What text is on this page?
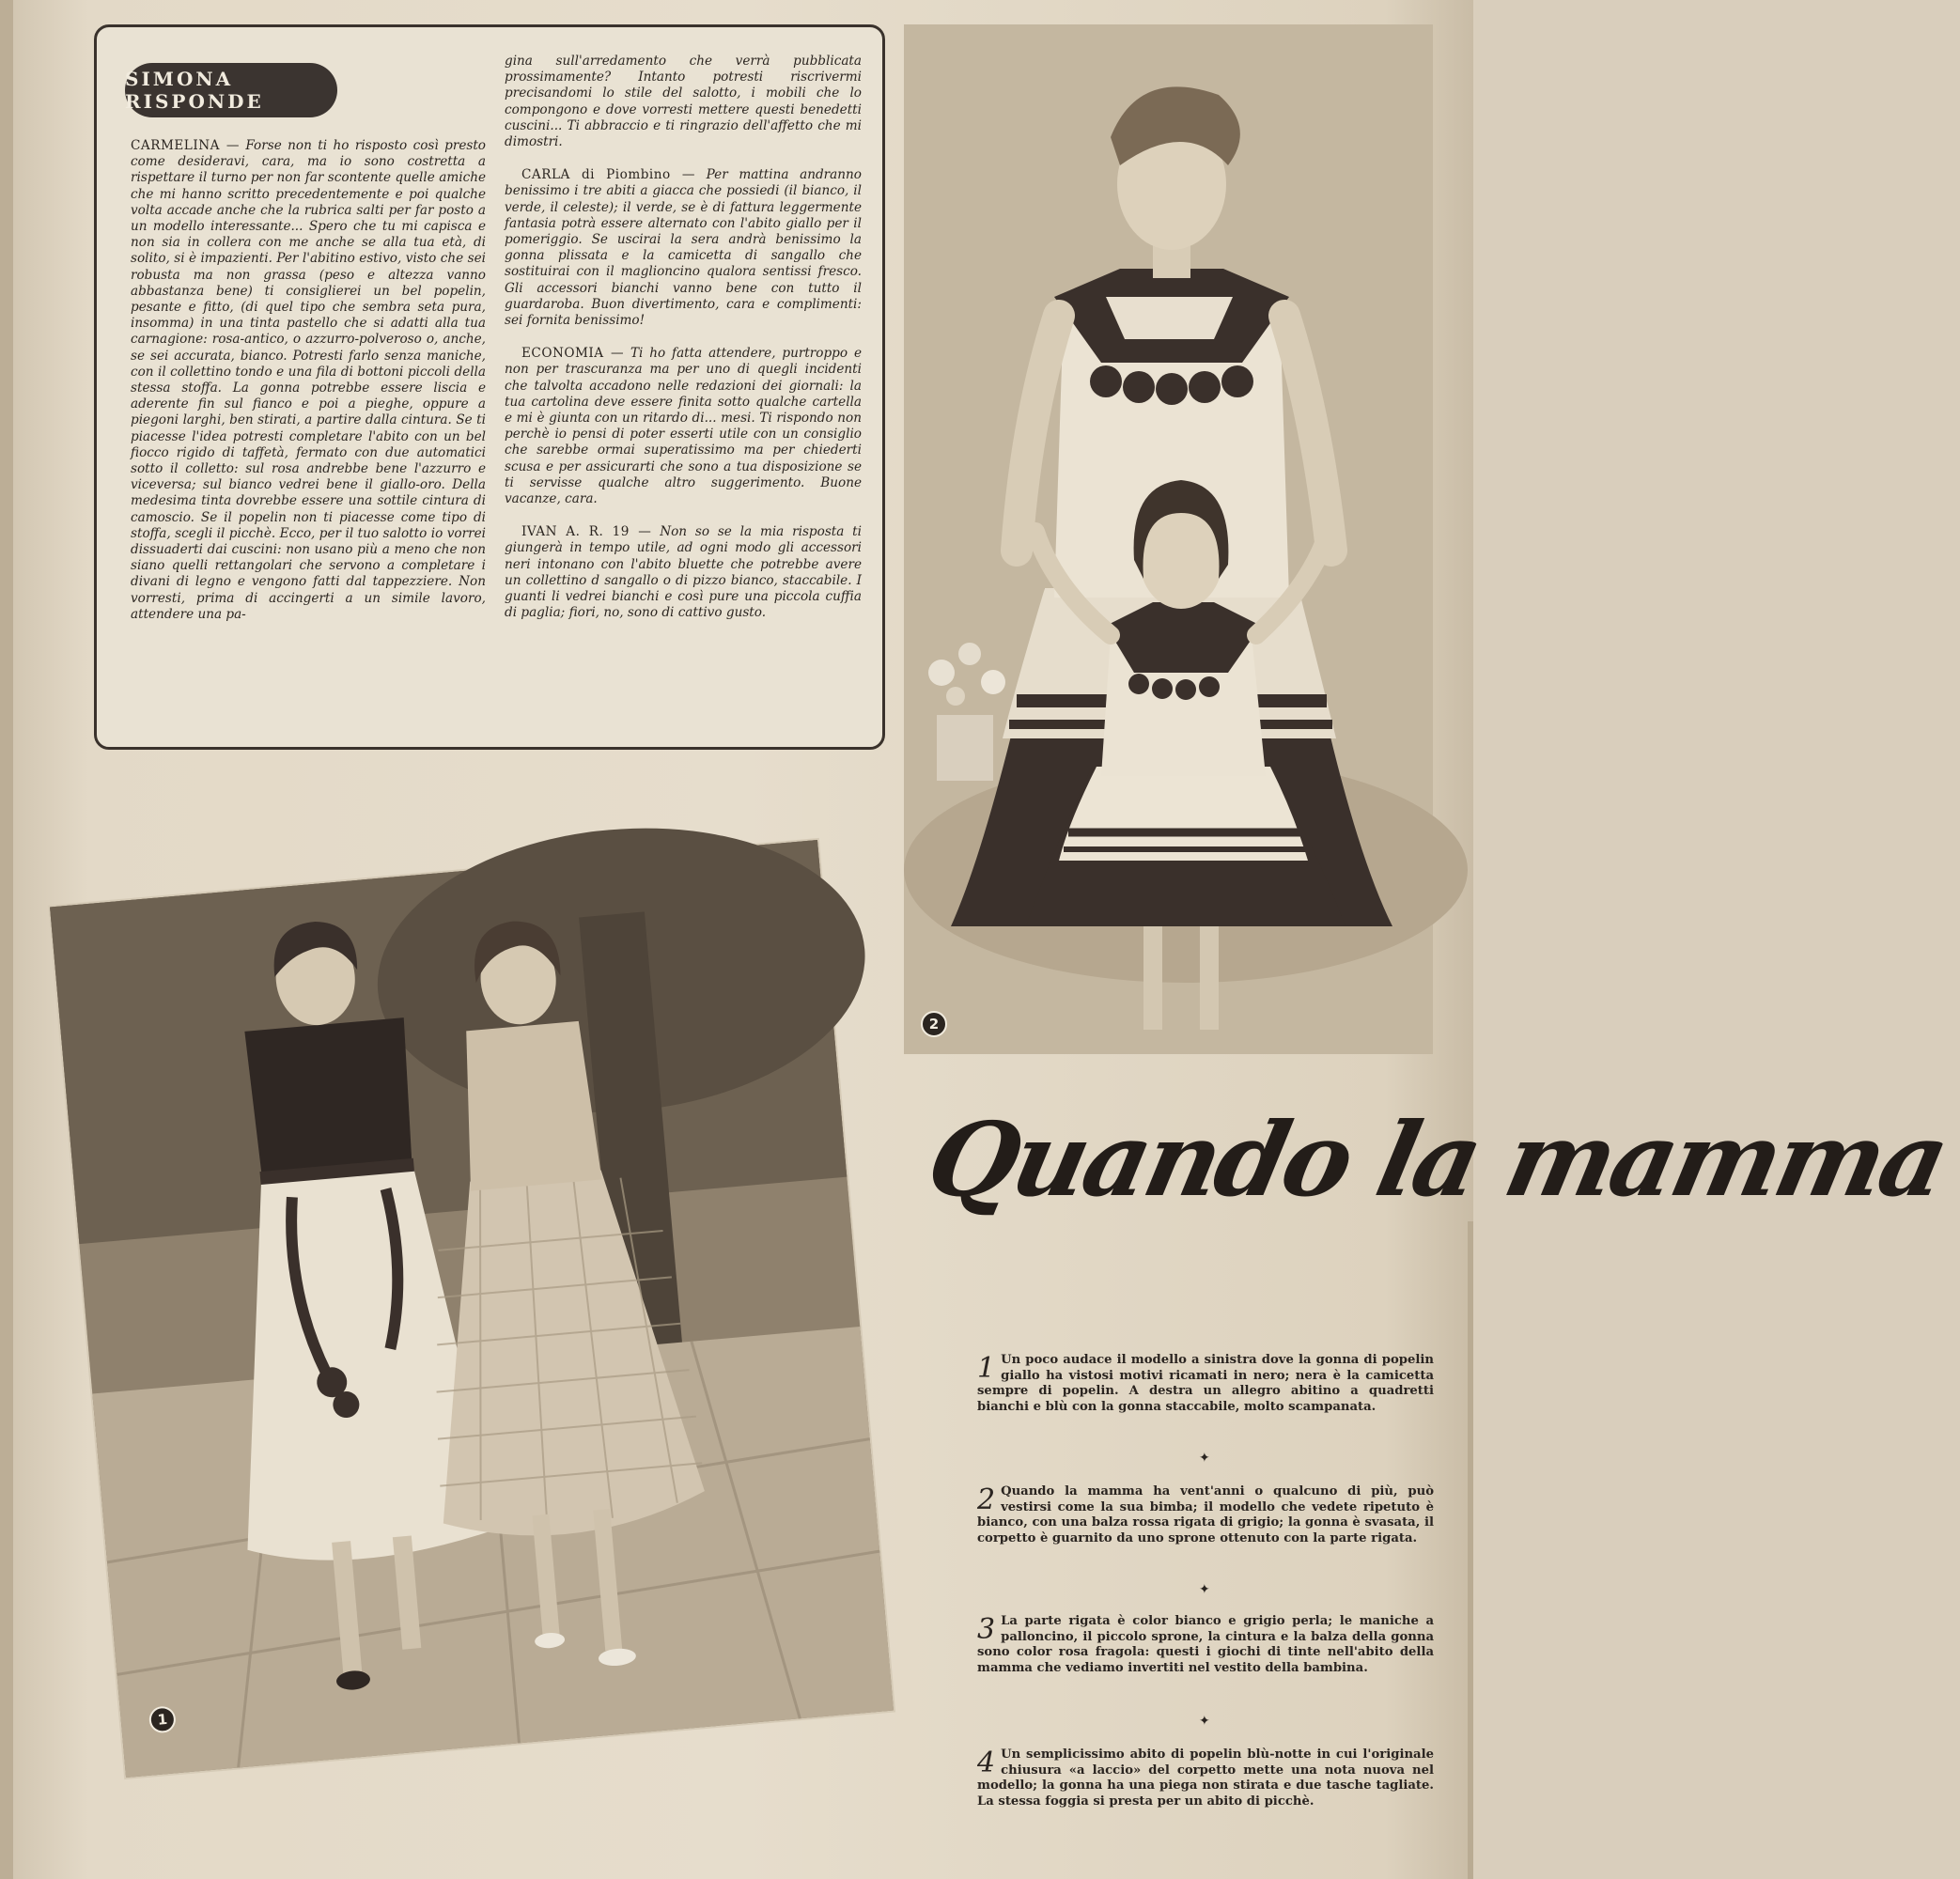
SIMONA RISPONDE

CARMELINA — Forse non ti ho risposto così presto come desideravi, cara, ma io sono costretta a rispettare il turno per non far scontente quelle amiche che mi hanno scritto precedentemente e poi qualche volta accade anche che la rubrica salti per far posto a un modello interessante... Spero che tu mi capisca e non sia in collera con me anche se alla tua età, di solito, si è impazienti. Per l'abitino estivo, visto che sei robusta ma non grassa (peso e altezza vanno abbastanza bene) ti consiglierei un bel popelin, pesante e fitto, (di quel tipo che sembra seta pura, insomma) in una tinta pastello che si adatti alla tua carnagione: rosa-antico, o azzurro-polveroso o, anche, se sei accurata, bianco. Potresti farlo senza maniche, con il collettino tondo e una fila di bottoni piccoli della stessa stoffa. La gonna potrebbe essere liscia e aderente fin sul fianco e poi a pieghe, oppure a piegoni larghi, ben stirati, a partire dalla cintura. Se ti piacesse l'idea potresti completare l'abito con un bel fiocco rigido di taffetà, fermato con due automatici sotto il colletto: sul rosa andrebbe bene l'azzurro e viceversa; sul bianco vedrei bene il giallo-oro. Della medesima tinta dovrebbe essere una sottile cintura di camoscio. Se il popelin non ti piacesse come tipo di stoffa, scegli il picchè. Ecco, per il tuo salotto io vorrei dissuaderti dai cuscini: non usano più a meno che non siano quelli rettangolari che servono a completare i divani di legno e vengono fatti dal tappezziere. Non vorresti, prima di accingerti a un simile lavoro, attendere una pa-

gina sull'arredamento che verrà pubblicata prossimamente? Intanto potresti riscrivermi precisandomi lo stile del salotto, i mobili che lo compongono e dove vorresti mettere questi benedetti cuscini... Ti abbraccio e ti ringrazio dell'affetto che mi dimostri.

CARLA di Piombino — Per mattina andranno benissimo i tre abiti a giacca che possiedi (il bianco, il verde, il celeste); il verde, se è di fattura leggermente fantasia potrà essere alternato con l'abito giallo per il pomeriggio. Se uscirai la sera andrà benissimo la gonna plissata e la camicetta di sangallo che sostituirai con il maglioncino qualora sentissi fresco. Gli accessori bianchi vanno bene con tutto il guardaroba. Buon divertimento, cara e complimenti: sei fornita benissimo!

ECONOMIA — Ti ho fatta attendere, purtroppo e non per trascuranza ma per uno di quegli incidenti che talvolta accadono nelle redazioni dei giornali: la tua cartolina deve essere finita sotto qualche cartella e mi è giunta con un ritardo di... mesi. Ti rispondo non perchè io pensi di poter esserti utile con un consiglio che sarebbe ormai superatissimo ma per chiederti scusa e per assicurarti che sono a tua disposizione se ti servisse qualche altro suggerimento. Buone vacanze, cara.

IVAN A. R. 19 — Non so se la mia risposta ti giungerà in tempo utile, ad ogni modo gli accessori neri intonano con l'abito bluette che potrebbe avere un collettino d sangallo o di pizzo bianco, staccabile. I guanti li vedrei bianchi e così pure una piccola cuffia di paglia; fiori, no, sono di cattivo gusto.

2
1
Quando la mamma
1 Un poco audace il modello a sinistra dove la gonna di popelin giallo ha vistosi motivi ricamati in nero; nera è la camicetta sempre di popelin. A destra un allegro abitino a quadretti bianchi e blù con la gonna staccabile, molto scampanata.
✦
2 Quando la mamma ha vent'anni o qualcuno di più, può vestirsi come la sua bimba; il modello che vedete ripetuto è bianco, con una balza rossa rigata di grigio; la gonna è svasata, il corpetto è guarnito da uno sprone ottenuto con la parte rigata.
✦
3 La parte rigata è color bianco e grigio perla; le maniche a palloncino, il piccolo sprone, la cintura e la balza della gonna sono color rosa fragola: questi i giochi di tinte nell'abito della mamma che vediamo invertiti nel vestito della bambina.
✦
4 Un semplicissimo abito di popelin blù-notte in cui l'originale chiusura «a laccio» del corpetto mette una nota nuova nel modello; la gonna ha una piega non stirata e due tasche tagliate. La stessa foggia si presta per un abito di picchè.
